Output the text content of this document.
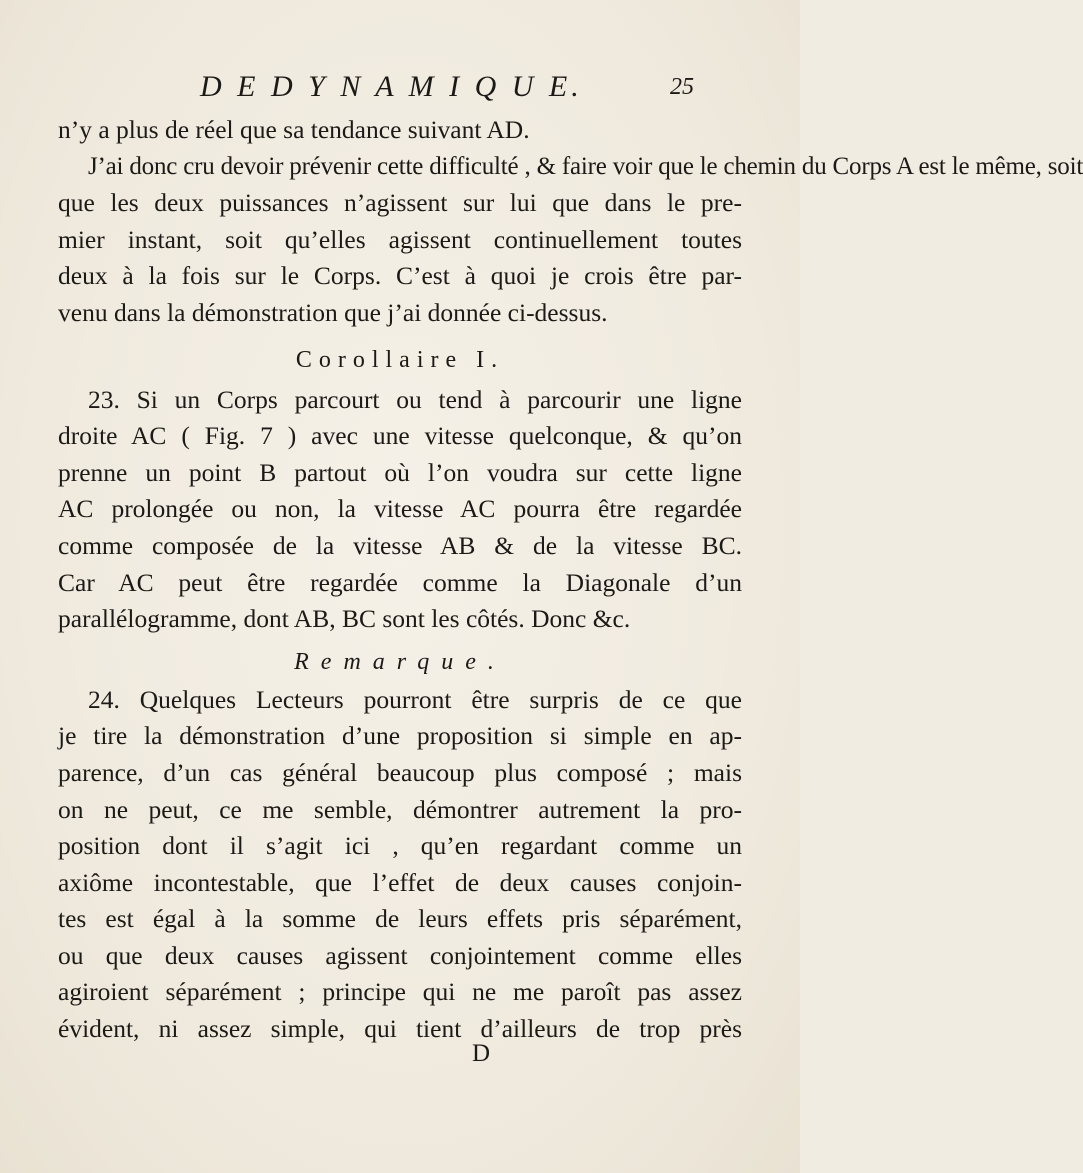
D E D Y N A M I Q U E.	25
n’y a plus de réel que sa tendance suivant AD.
J’ai donc cru devoir prévenir cette difficulté , & faire voir que le chemin du Corps A est le même, soit
que les deux puissances n’agissent sur lui que dans le pre-
mier instant, soit qu’elles agissent continuellement toutes
deux à la fois sur le Corps. C’est à quoi je crois être par-
venu dans la démonstration que j’ai donnée ci-dessus.
Corollaire I.
23. Si un Corps parcourt ou tend à parcourir une ligne
droite AC ( Fig. 7 ) avec une vitesse quelconque, & qu’on
prenne un point B partout où l’on voudra sur cette ligne
AC prolongée ou non, la vitesse AC pourra être regardée
comme composée de la vitesse AB & de la vitesse BC.
Car AC peut être regardée comme la Diagonale d’un
parallélogramme, dont AB, BC sont les côtés. Donc &c.
Remarque.
24. Quelques Lecteurs pourront être surpris de ce que
je tire la démonstration d’une proposition si simple en ap-
parence, d’un cas général beaucoup plus composé ; mais
on ne peut, ce me semble, démontrer autrement la pro-
position dont il s’agit ici , qu’en regardant comme un
axiôme incontestable, que l’effet de deux causes conjoin-
tes est égal à la somme de leurs effets pris séparément,
ou que deux causes agissent conjointement comme elles
agiroient séparément ; principe qui ne me paroît pas assez
évident, ni assez simple, qui tient d’ailleurs de trop près
D
